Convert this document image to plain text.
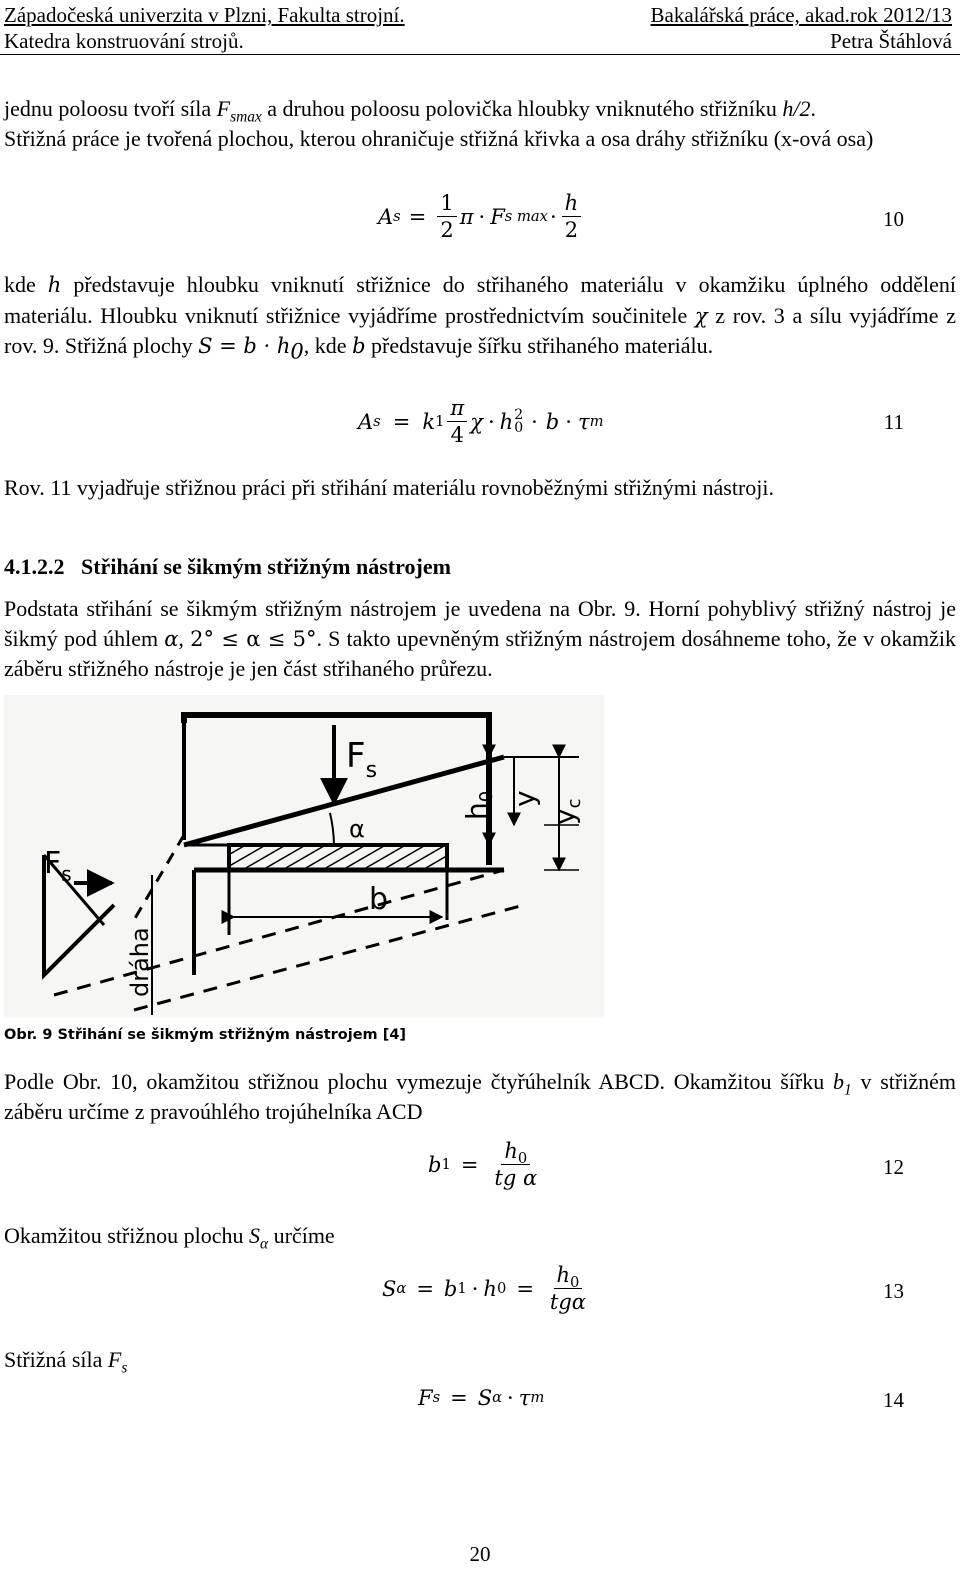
Západočeská univerzita v Plzni, Fakulta strojní.
Katedra konstruování strojů.
Bakalářská práce, akad.rok 2012/13
Petra Štáhlová
jednu poloosu tvoří síla $F_{smax}$ a druhou poloosu polovička hloubky vniknutého střižníku h/2.
Střižná práce je tvořená plochou, kterou ohraničuje střižná křivka a osa dráhy střižníku (x-ová osa)
A $s = \frac{1}{2}$ π · F s $\max \cdot \frac{h}{2}$	10
kde h představuje hloubku vniknutí střižnice do střihaného materiálu v okamžiku úplného oddělení materiálu. Hloubku vniknutí střižnice vyjádříme prostřednictvím součinitele χ z rov. 3 a sílu vyjádříme z rov. 9. Střižná plochy $S = b \cdot h_0$, kde b představuje šířku střihaného materiálu.
A s = k $1 \frac{\pi}{4}$ χ · h 2
0 · b · τ m	11
Rov. 11 vyjadřuje střižnou práci při střihání materiálu rovnoběžnými střižnými nástroji.
4.1.2.2 Střihání se šikmým střižným nástrojem
Podstata střihání se šikmým střižným nástrojem je uvedena na Obr. 9. Horní pohyblivý střižný nástroj je šikmý pod úhlem α, 2° ≤ α ≤ 5°. S takto upevněným střižným nástrojem dosáhneme toho, že v okamžik záběru střižného nástroje je jen část střihaného průřezu.
$F_s$
$F_s$
α
b
$h_0$ y
$y_c$
dráha
Obr. 9 Střihání se šikmým střižným nástrojem [4]
Podle Obr. 10, okamžitou střižnou plochu vymezuje čtyřúhelník ABCD. Okamžitou šířku $b_1$ v střižném záběru určíme z pravoúhlého trojúhelníka ACD
b $1 = \frac{h_0}{\text{tg α}}$	12
Okamžitou střižnou plochu $S_\alpha$ určíme
S α = b 1 · h $0 = \frac{h_0}{\text{tgα}}$	13
Střižná síla $F_s$
F s = S α · τ m	14
20
